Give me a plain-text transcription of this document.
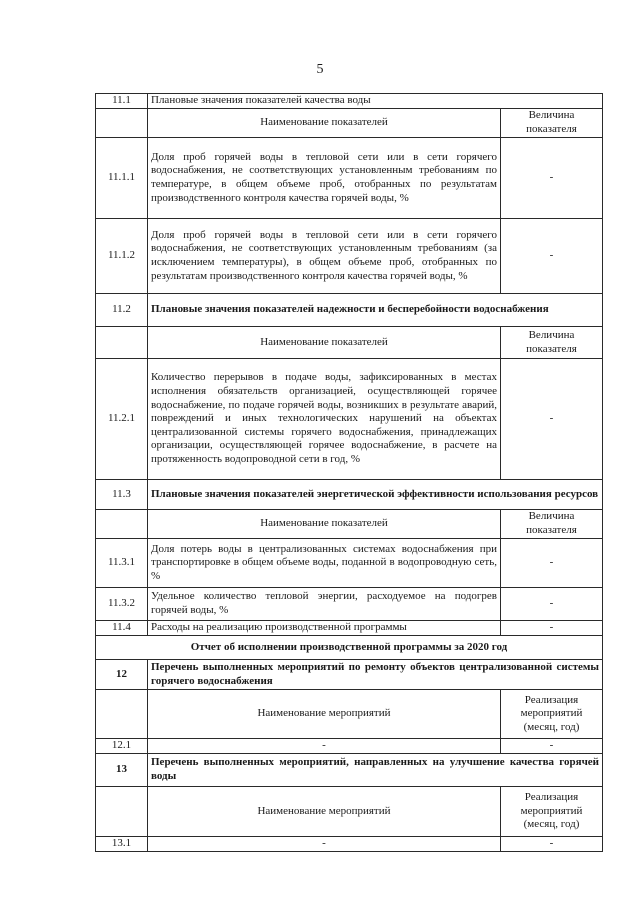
5
11.1	Плановые значения показателей качества воды	
	Наименование показателей	Величина показателя
11.1.1	Доля проб горячей воды в тепловой сети или в сети горячего водоснабжения, не соответствующих установленным требованиям по температуре, в общем объеме проб, отобранных по результатам производственного контроля качества горячей воды, %	-
11.1.2	Доля проб горячей воды в тепловой сети или в сети горячего водоснабжения, не соответствующих установленным требованиям (за исключением температуры), в общем объеме проб, отобранных по результатам производственного контроля качества горячей воды, %	-
11.2	Плановые значения показателей надежности и бесперебойности водоснабжения	
	Наименование показателей	Величина показателя
11.2.1	Количество перерывов в подаче воды, зафиксированных в местах исполнения обязательств организацией, осуществляющей горячее водоснабжение, по подаче горячей воды, возникших в результате аварий, повреждений и иных технологических нарушений на объектах централизованной системы горячего водоснабжения, принадлежащих организации, осуществляющей горячее водоснабжение, в расчете на протяженность водопроводной сети в год, %	-
11.3	Плановые значения показателей энергетической эффективности использования ресурсов	
	Наименование показателей	Величина показателя
11.3.1	Доля потерь воды в централизованных системах водоснабжения при транспортировке в общем объеме воды, поданной в водопроводную сеть, %	-
11.3.2	Удельное количество тепловой энергии, расходуемое на подогрев горячей воды, %	-
11.4	Расходы на реализацию производственной программы	-
Отчет об исполнении производственной программы за 2020 год		
12	Перечень выполненных мероприятий по ремонту объектов централизованной системы горячего водоснабжения	
	Наименование мероприятий	Реализация мероприятий (месяц, год)
12.1	-	-
13	Перечень выполненных мероприятий, направленных на улучшение качества горячей воды	
	Наименование мероприятий	Реализация мероприятий (месяц, год)
13.1	-	-
